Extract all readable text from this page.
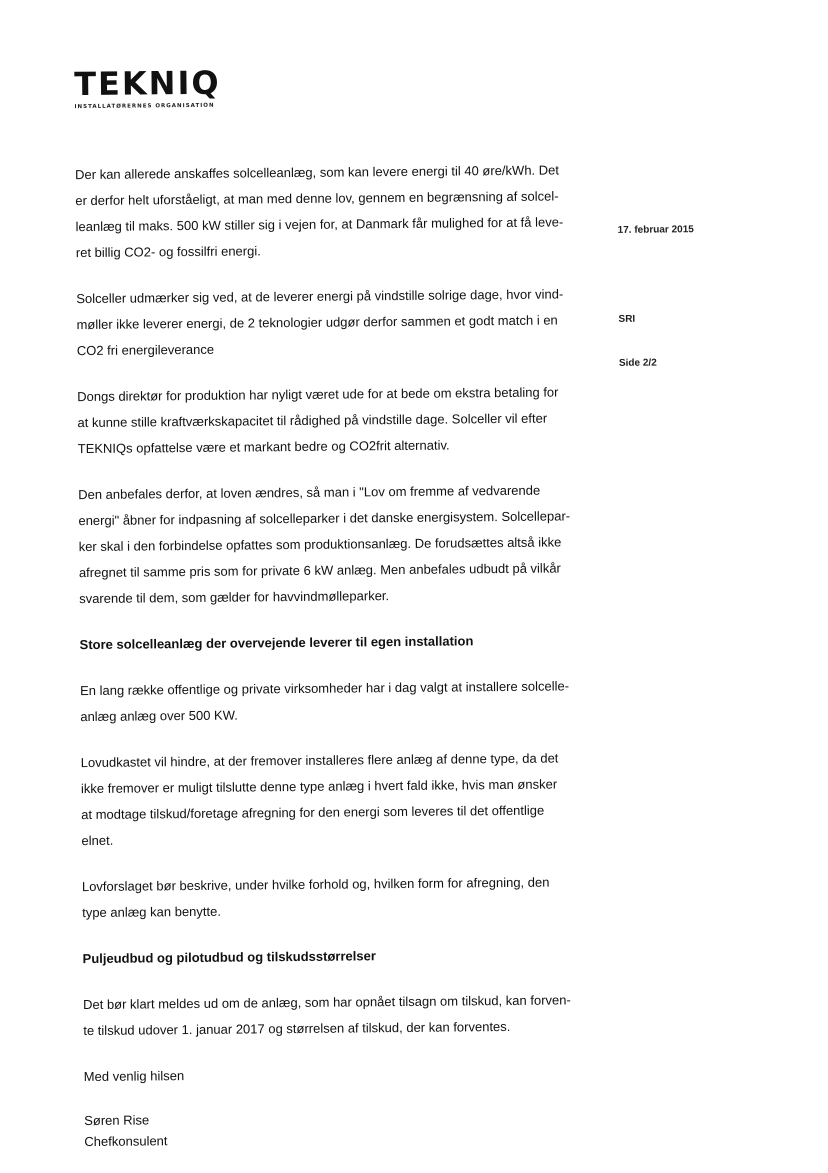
TEKNIQ
INSTALLATØRERNES ORGANISATION
17. februar 2015
SRI
Side 2/2

Der kan allerede anskaffes solcelleanlæg, som kan levere energi til 40 øre/kWh. Det
er derfor helt uforståeligt, at man med denne lov, gennem en begrænsning af solcel-
leanlæg til maks. 500 kW stiller sig i vejen for, at Danmark får mulighed for at få leve-
ret billig CO2- og fossilfri energi.

Solceller udmærker sig ved, at de leverer energi på vindstille solrige dage, hvor vind-
møller ikke leverer energi, de 2 teknologier udgør derfor sammen et godt match i en
CO2 fri energileverance

Dongs direktør for produktion har nyligt været ude for at bede om ekstra betaling for
at kunne stille kraftværkskapacitet til rådighed på vindstille dage. Solceller vil efter
TEKNIQs opfattelse være et markant bedre og CO2frit alternativ.

Den anbefales derfor, at loven ændres, så man i "Lov om fremme af vedvarende
energi" åbner for indpasning af solcelleparker i det danske energisystem. Solcellepar-
ker skal i den forbindelse opfattes som produktionsanlæg. De forudsættes altså ikke
afregnet til samme pris som for private 6 kW anlæg. Men anbefales udbudt på vilkår
svarende til dem, som gælder for havvindmølleparker.

Store solcelleanlæg der overvejende leverer til egen installation

En lang række offentlige og private virksomheder har i dag valgt at installere solcelle-
anlæg anlæg over 500 KW.

Lovudkastet vil hindre, at der fremover installeres flere anlæg af denne type, da det
ikke fremover er muligt tilslutte denne type anlæg i hvert fald ikke, hvis man ønsker
at modtage tilskud/foretage afregning for den energi som leveres til det offentlige
elnet.

Lovforslaget bør beskrive, under hvilke forhold og, hvilken form for afregning, den
type anlæg kan benytte.

Puljeudbud og pilotudbud og tilskudsstørrelser

Det bør klart meldes ud om de anlæg, som har opnået tilsagn om tilskud, kan forven-
te tilskud udover 1. januar 2017 og størrelsen af tilskud, der kan forventes.

Med venlig hilsen
Søren Rise
Chefkonsulent
